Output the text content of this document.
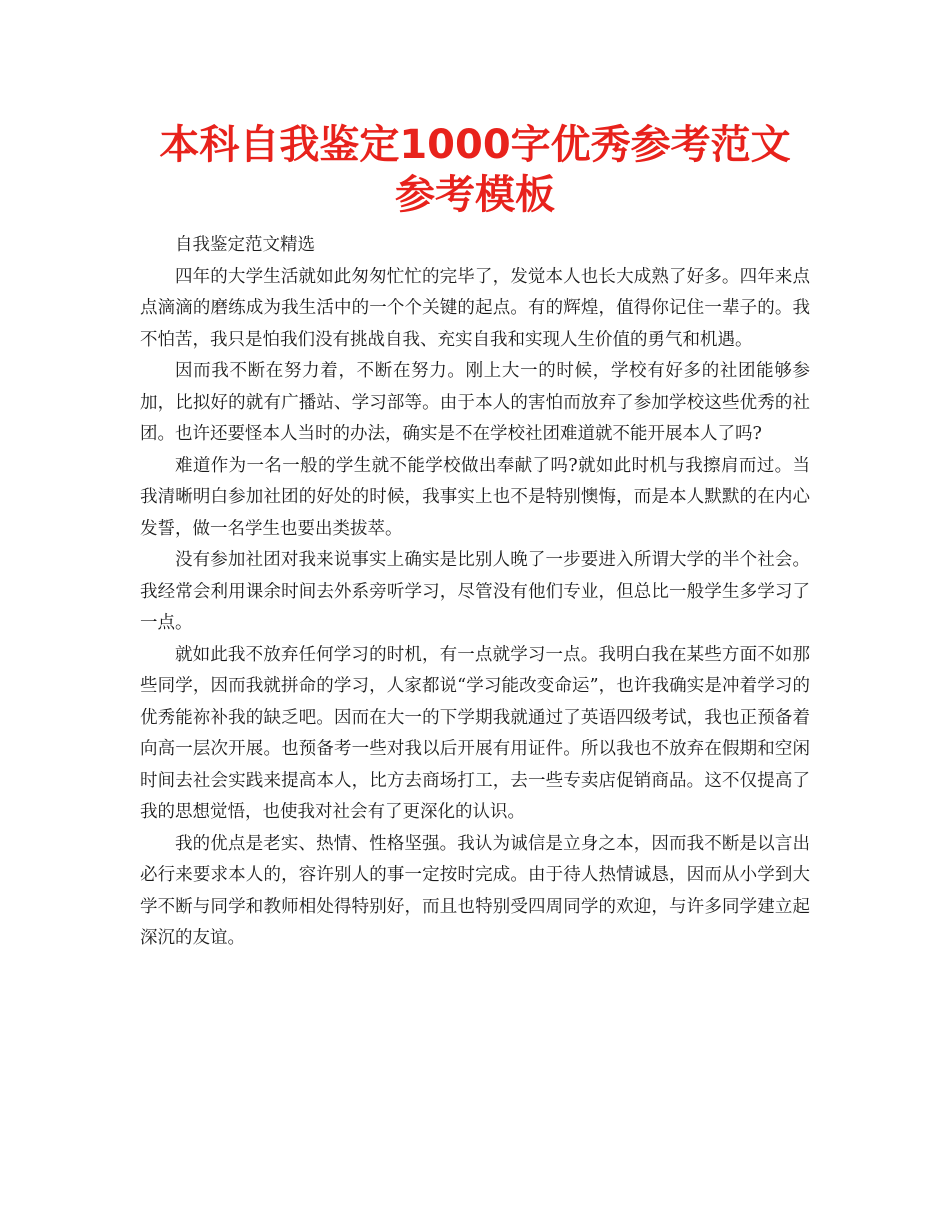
本科自我鉴定1000字优秀参考范文参考模板

自我鉴定范文精选

四年的大学生活就如此匆匆忙忙的完毕了，发觉本人也长大成熟了好多。四年来点点滴滴的磨练成为我生活中的一个个关键的起点。有的辉煌，值得你记住一辈子的。我不怕苦，我只是怕我们没有挑战自我、充实自我和实现人生价值的勇气和机遇。

因而我不断在努力着，不断在努力。刚上大一的时候，学校有好多的社团能够参加，比拟好的就有广播站、学习部等。由于本人的害怕而放弃了参加学校这些优秀的社团。也许还要怪本人当时的办法，确实是不在学校社团难道就不能开展本人了吗?

难道作为一名一般的学生就不能学校做出奉献了吗?就如此时机与我擦肩而过。当我清晰明白参加社团的好处的时候，我事实上也不是特别懊悔，而是本人默默的在内心发誓，做一名学生也要出类拔萃。

没有参加社团对我来说事实上确实是比别人晚了一步要进入所谓大学的半个社会。我经常会利用课余时间去外系旁听学习，尽管没有他们专业，但总比一般学生多学习了一点。

就如此我不放弃任何学习的时机，有一点就学习一点。我明白我在某些方面不如那些同学，因而我就拼命的学习，人家都说“学习能改变命运”，也许我确实是冲着学习的优秀能祢补我的缺乏吧。因而在大一的下学期我就通过了英语四级考试，我也正预备着向高一层次开展。也预备考一些对我以后开展有用证件。所以我也不放弃在假期和空闲时间去社会实践来提高本人，比方去商场打工，去一些专卖店促销商品。这不仅提高了我的思想觉悟，也使我对社会有了更深化的认识。

我的优点是老实、热情、性格坚强。我认为诚信是立身之本，因而我不断是以言出必行来要求本人的，容许别人的事一定按时完成。由于待人热情诚恳，因而从小学到大学不断与同学和教师相处得特别好，而且也特别受四周同学的欢迎，与许多同学建立起深沉的友谊。
